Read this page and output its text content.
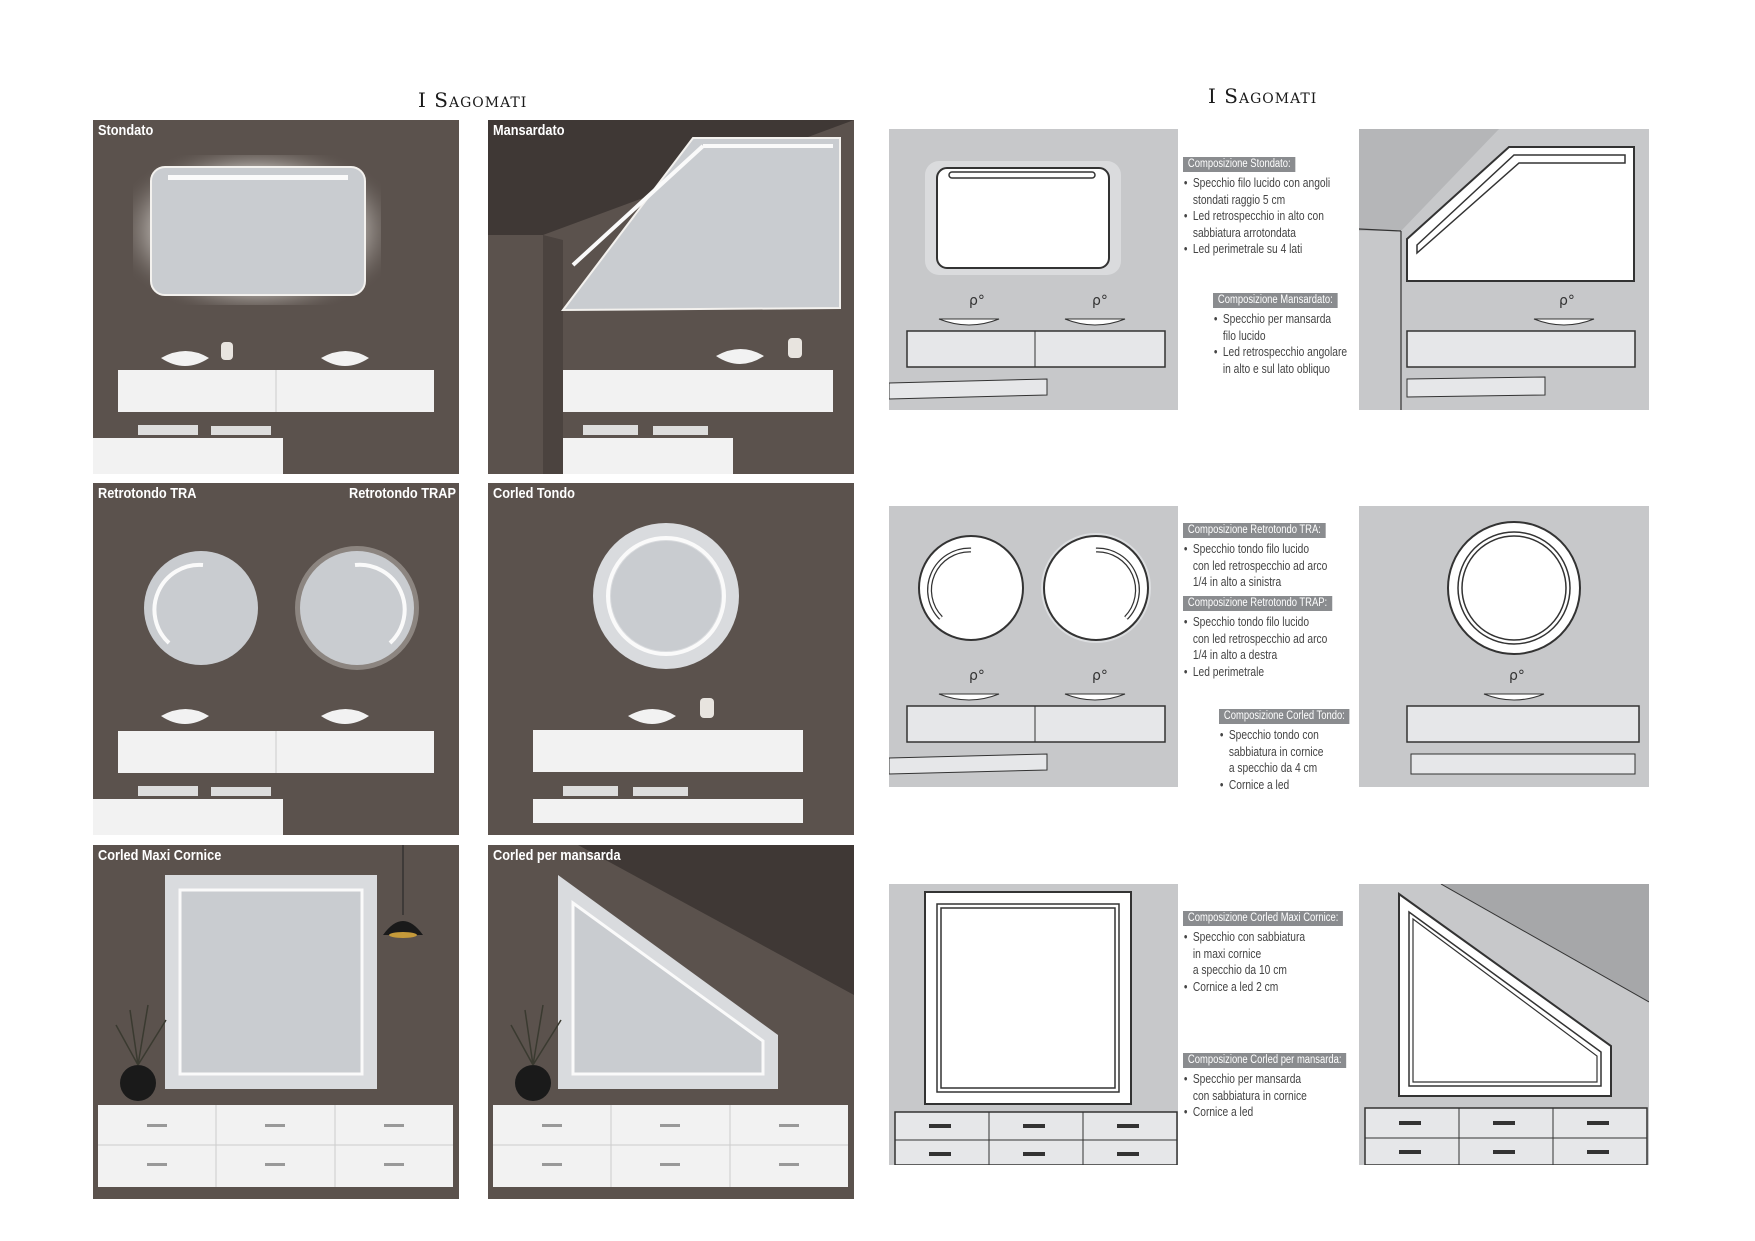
I Sagomati
Stondato	Mansardato
Retrotondo TRA	Retrotondo TRAP Corled Tondo
Corled Maxi Cornice	Corled per mansarda
I Sagomati
ρ°	ρ°	ρ°
ρ°	ρ°	ρ°
Composizione Stondato:
• Specchio filo lucido con angoli
stondati raggio 5 cm
• Led retrospecchio in alto con
sabbiatura arrotondata
• Led perimetrale su 4 lati
Composizione Mansardato:
• Specchio per mansarda
filo lucido
• Led retrospecchio angolare
in alto e sul lato obliquo
Composizione Retrotondo TRA:
• Specchio tondo filo lucido
con led retrospecchio ad arco
1/4 in alto a sinistra
Composizione Retrotondo TRAP:
• Specchio tondo filo lucido
con led retrospecchio ad arco
1/4 in alto a destra
• Led perimetrale
Composizione Corled Tondo:
• Specchio tondo con
sabbiatura in cornice
a specchio da 4 cm
• Cornice a led
Composizione Corled Maxi Cornice:
• Specchio con sabbiatura
in maxi cornice
a specchio da 10 cm
• Cornice a led 2 cm
Composizione Corled per mansarda:
• Specchio per mansarda
con sabbiatura in cornice
• Cornice a led
